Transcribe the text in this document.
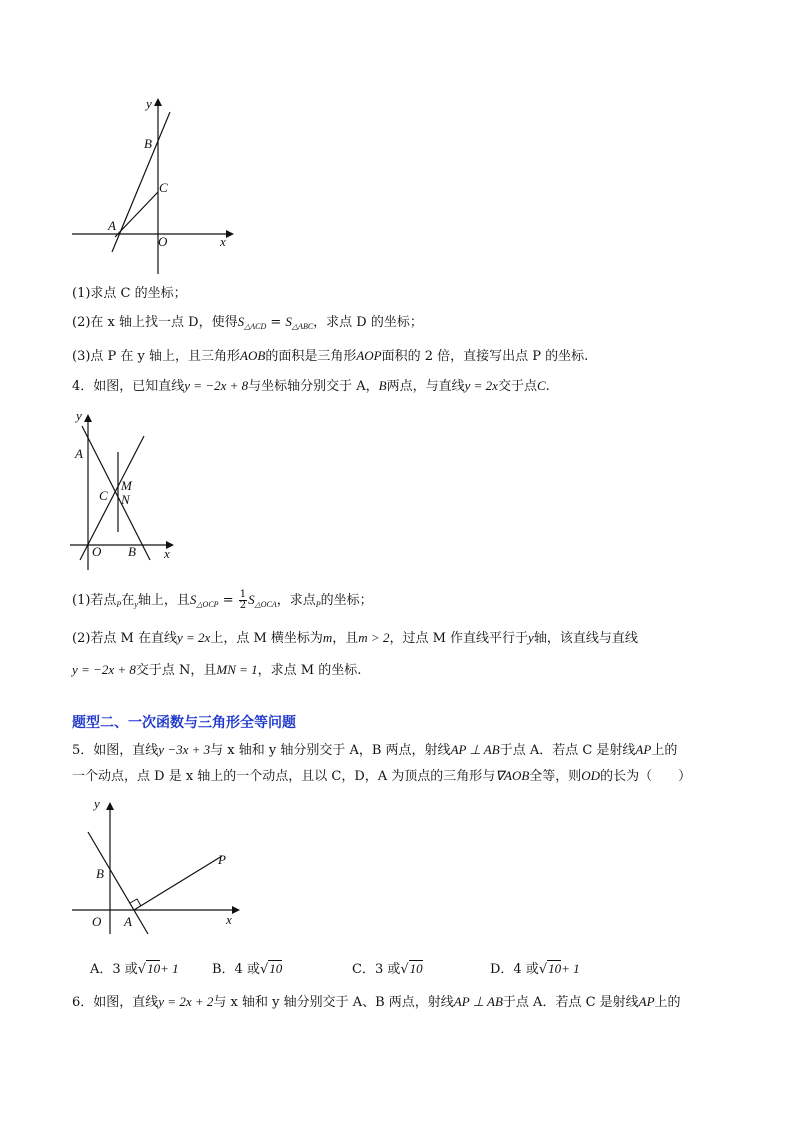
y
x
B
C
A
O
(1)求点 C 的坐标；
(2)在 x 轴上找一点 D，使得$S_{\triangle ACD} = S_{\triangle ABC}$，求点 D 的坐标；
(3)点 P 在 y 轴上，且三角形AOB的面积是三角形AOP面积的 2 倍，直接写出点 P 的坐标.
4．如图，已知直线y = −2x + 8与坐标轴分别交于 A，B两点，与直线y = 2x交于点C.
y
A
C
M
N
O B x
(1)若点$_P$在$_y$轴上，且$S_{\triangle OCP} = \frac{1}{2} S_{\triangle OCA}$，求点$_P$的坐标；
(2)若点 M 在直线y = 2x上，点 M 横坐标为m，且m > 2，过点 M 作直线平行于y轴，该直线与直线
y = −2x + 8交于点 N，且MN = 1，求点 M 的坐标.
题型二、一次函数与三角形全等问题
5．如图，直线y −3x + 3与 x 轴和 y 轴分别交于 A，B 两点，射线AP ⊥ AB于点 A．若点 C 是射线AP上的
一个动点，点 D 是 x 轴上的一个动点，且以 C，D，A 为顶点的三角形与∇AOB全等，则OD的长为（　　）
y
P
B
O A	x
A．3 或√10+ 1	B．4 或√10	C．3 或√10	D．4 或√10+ 1
6．如图，直线y = 2x + 2与 x 轴和 y 轴分别交于 A、B 两点，射线AP ⊥ AB于点 A．若点 C 是射线AP上的
